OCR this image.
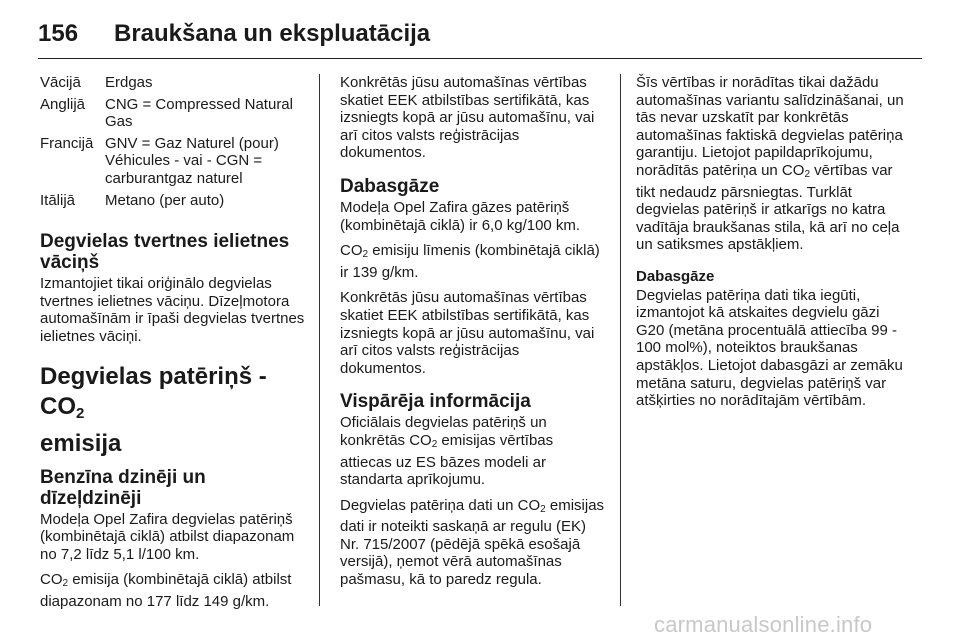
156 Braukšana un ekspluatācija
Vācijā	Erdgas
Anglijā	CNG = Compressed Natural Gas
Francijā GNV = Gaz Naturel (pour) Véhicules - vai - CGN = carburantgaz naturel
Itālijā	Metano (per auto)
Degvielas tvertnes ielietnes vāciņš

Izmantojiet tikai oriģinālo degvielas tvertnes ielietnes vāciņu. Dīzeļmotora automašīnām ir īpaši degvielas tvertnes ielietnes vāciņi.

Degvielas patēriņš - $CO_2$
emisija
Benzīna dzinēji un dīzeļdzinēji

Modeļa Opel Zafira degvielas patēriņš (kombinētajā ciklā) atbilst diapazonam no 7,2 līdz 5,1 l/100 km.

$CO_2$ emisija (kombinētajā ciklā) atbilst diapazonam no 177 līdz 149 g/km.

Konkrētās jūsu automašīnas vērtības skatiet EEK atbilstības sertifikātā, kas izsniegts kopā ar jūsu automašīnu, vai arī citos valsts reģistrācijas dokumentos.

Dabasgāze

Modeļa Opel Zafira gāzes patēriņš (kombinētajā ciklā) ir 6,0 kg/100 km.

$CO_2$ emisiju līmenis (kombinētajā ciklā) ir 139 g/km.

Konkrētās jūsu automašīnas vērtības skatiet EEK atbilstības sertifikātā, kas izsniegts kopā ar jūsu automašīnu, vai arī citos valsts reģistrācijas dokumentos.

Vispārēja informācija

Oficiālais degvielas patēriņš un konkrētās $CO_2$ emisijas vērtības attiecas uz ES bāzes modeli ar standarta aprīkojumu.

Degvielas patēriņa dati un $CO_2$ emisijas dati ir noteikti saskaņā ar regulu (EK) Nr. 715/2007 (pēdējā spēkā esošajā versijā), ņemot vērā automašīnas pašmasu, kā to paredz regula.

Šīs vērtības ir norādītas tikai dažādu automašīnas variantu salīdzināšanai, un tās nevar uzskatīt par konkrētās automašīnas faktiskā degvielas patēriņa garantiju. Lietojot papildaprīkojumu, norādītās patēriņa un $CO_2$ vērtības var tikt nedaudz pārsniegtas. Turklāt degvielas patēriņš ir atkarīgs no katra vadītāja braukšanas stila, kā arī no ceļa un satiksmes apstākļiem.

Dabasgāze

Degvielas patēriņa dati tika iegūti, izmantojot kā atskaites degvielu gāzi G20 (metāna procentuālā attiecība 99 - 100 mol%), noteiktos braukšanas apstākļos. Lietojot dabasgāzi ar zemāku metāna saturu, degvielas patēriņš var atšķirties no norādītajām vērtībām.

carmanualsonline.info
